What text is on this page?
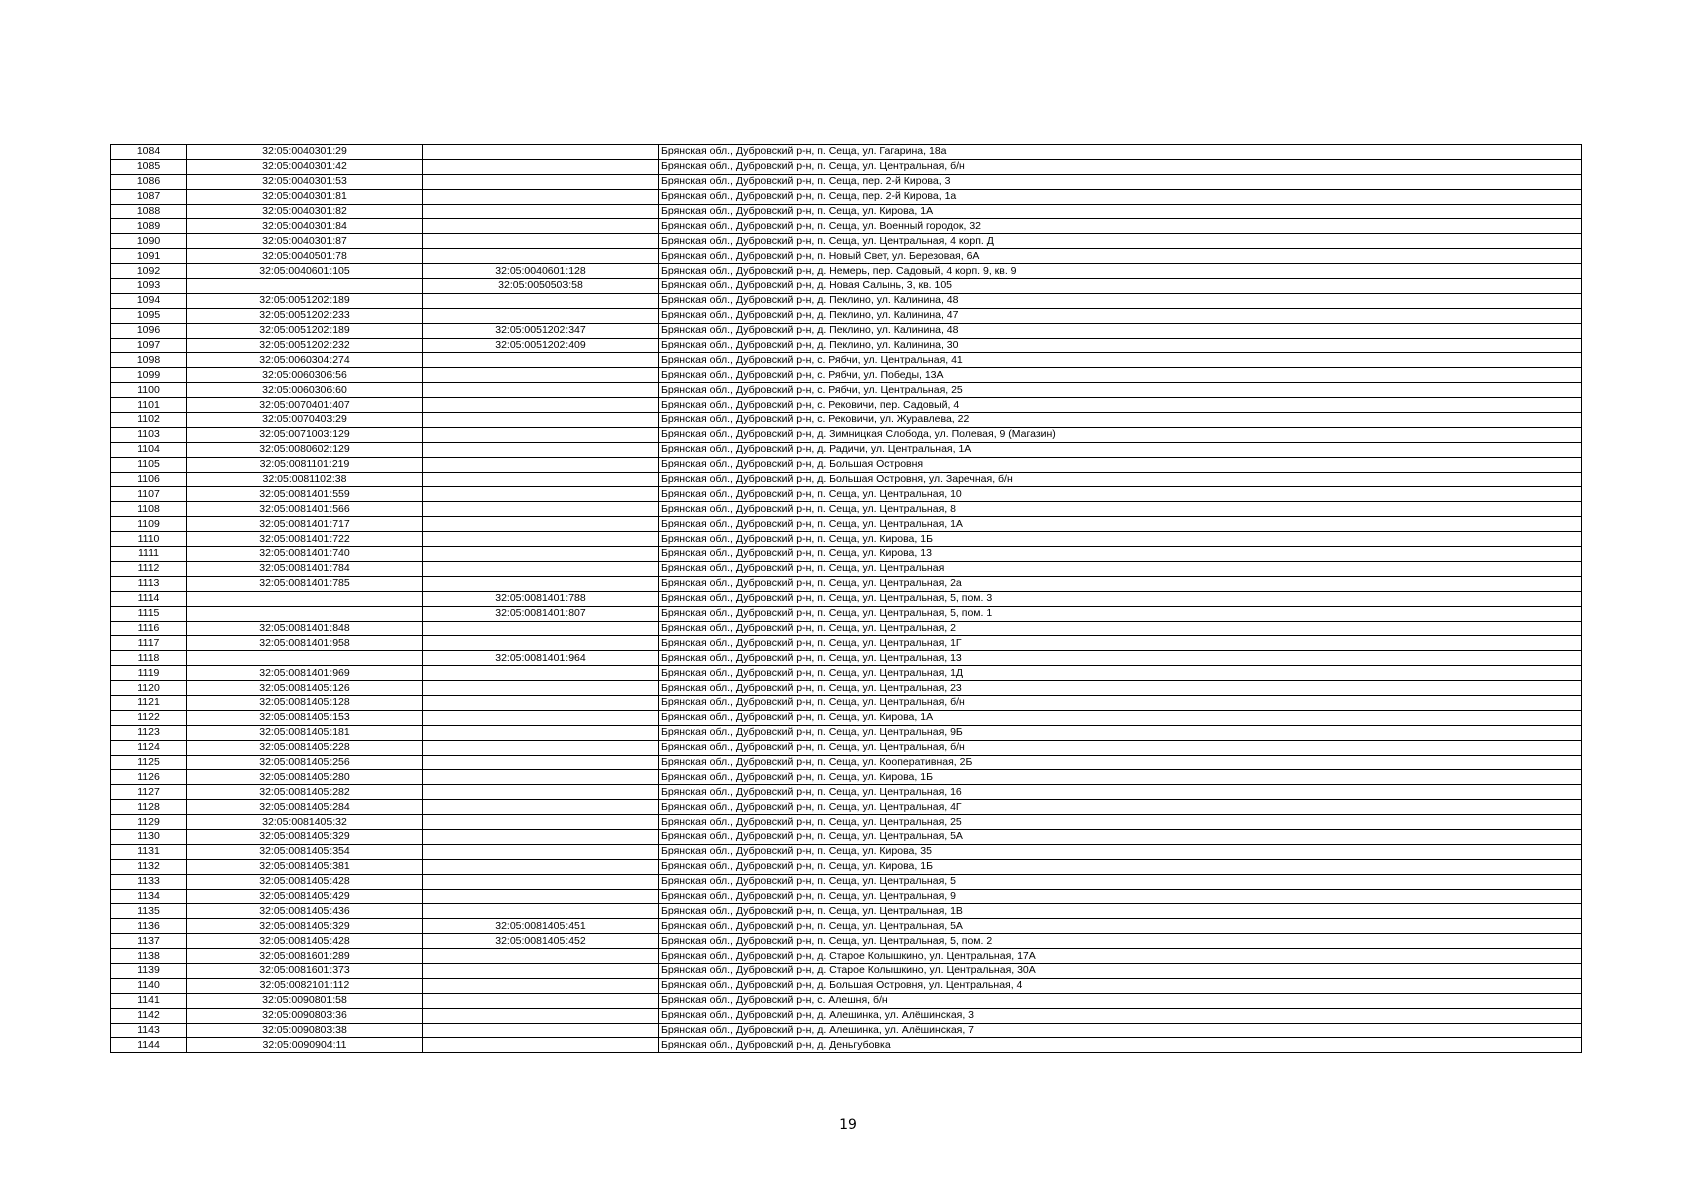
1084	32:05:0040301:29		Брянская обл., Дубровский р-н, п. Сеща, ул. Гагарина, 18а
1085	32:05:0040301:42		Брянская обл., Дубровский р-н, п. Сеща, ул. Центральная, б/н
1086	32:05:0040301:53		Брянская обл., Дубровский р-н, п. Сеща, пер. 2-й Кирова, 3
1087	32:05:0040301:81		Брянская обл., Дубровский р-н, п. Сеща, пер. 2-й Кирова, 1а
1088	32:05:0040301:82		Брянская обл., Дубровский р-н, п. Сеща, ул. Кирова, 1А
1089	32:05:0040301:84		Брянская обл., Дубровский р-н, п. Сеща, ул. Военный городок, 32
1090	32:05:0040301:87		Брянская обл., Дубровский р-н, п. Сеща, ул. Центральная, 4 корп. Д
1091	32:05:0040501:78		Брянская обл., Дубровский р-н, п. Новый Свет, ул. Березовая, 6А
1092	32:05:0040601:105	32:05:0040601:128	Брянская обл., Дубровский р-н, д. Немерь, пер. Садовый, 4 корп. 9, кв. 9
1093		32:05:0050503:58	Брянская обл., Дубровский р-н, д. Новая Салынь, 3, кв. 105
1094	32:05:0051202:189		Брянская обл., Дубровский р-н, д. Пеклино, ул. Калинина, 48
1095	32:05:0051202:233		Брянская обл., Дубровский р-н, д. Пеклино, ул. Калинина, 47
1096	32:05:0051202:189	32:05:0051202:347	Брянская обл., Дубровский р-н, д. Пеклино, ул. Калинина, 48
1097	32:05:0051202:232	32:05:0051202:409	Брянская обл., Дубровский р-н, д. Пеклино, ул. Калинина, 30
1098	32:05:0060304:274		Брянская обл., Дубровский р-н, с. Рябчи, ул. Центральная, 41
1099	32:05:0060306:56		Брянская обл., Дубровский р-н, с. Рябчи, ул. Победы, 13А
1100	32:05:0060306:60		Брянская обл., Дубровский р-н, с. Рябчи, ул. Центральная, 25
1101	32:05:0070401:407		Брянская обл., Дубровский р-н, с. Рековичи, пер. Садовый, 4
1102	32:05:0070403:29		Брянская обл., Дубровский р-н, с. Рековичи, ул. Журавлева, 22
1103	32:05:0071003:129		Брянская обл., Дубровский р-н, д. Зимницкая Слобода, ул. Полевая, 9 (Магазин)
1104	32:05:0080602:129		Брянская обл., Дубровский р-н, д. Радичи, ул. Центральная, 1А
1105	32:05:0081101:219		Брянская обл., Дубровский р-н, д. Большая Островня
1106	32:05:0081102:38		Брянская обл., Дубровский р-н, д. Большая Островня, ул. Заречная, б/н
1107	32:05:0081401:559		Брянская обл., Дубровский р-н, п. Сеща, ул. Центральная, 10
1108	32:05:0081401:566		Брянская обл., Дубровский р-н, п. Сеща, ул. Центральная, 8
1109	32:05:0081401:717		Брянская обл., Дубровский р-н, п. Сеща, ул. Центральная, 1А
1110	32:05:0081401:722		Брянская обл., Дубровский р-н, п. Сеща, ул. Кирова, 1Б
1111	32:05:0081401:740		Брянская обл., Дубровский р-н, п. Сеща, ул. Кирова, 13
1112	32:05:0081401:784		Брянская обл., Дубровский р-н, п. Сеща, ул. Центральная
1113	32:05:0081401:785		Брянская обл., Дубровский р-н, п. Сеща, ул. Центральная, 2а
1114		32:05:0081401:788	Брянская обл., Дубровский р-н, п. Сеща, ул. Центральная, 5, пом. 3
1115		32:05:0081401:807	Брянская обл., Дубровский р-н, п. Сеща, ул. Центральная, 5, пом. 1
1116	32:05:0081401:848		Брянская обл., Дубровский р-н, п. Сеща, ул. Центральная, 2
1117	32:05:0081401:958		Брянская обл., Дубровский р-н, п. Сеща, ул. Центральная, 1Г
1118		32:05:0081401:964	Брянская обл., Дубровский р-н, п. Сеща, ул. Центральная, 13
1119	32:05:0081401:969		Брянская обл., Дубровский р-н, п. Сеща, ул. Центральная, 1Д
1120	32:05:0081405:126		Брянская обл., Дубровский р-н, п. Сеща, ул. Центральная, 23
1121	32:05:0081405:128		Брянская обл., Дубровский р-н, п. Сеща, ул. Центральная, б/н
1122	32:05:0081405:153		Брянская обл., Дубровский р-н, п. Сеща, ул. Кирова, 1А
1123	32:05:0081405:181		Брянская обл., Дубровский р-н, п. Сеща, ул. Центральная, 9Б
1124	32:05:0081405:228		Брянская обл., Дубровский р-н, п. Сеща, ул. Центральная, б/н
1125	32:05:0081405:256		Брянская обл., Дубровский р-н, п. Сеща, ул. Кооперативная, 2Б
1126	32:05:0081405:280		Брянская обл., Дубровский р-н, п. Сеща, ул. Кирова, 1Б
1127	32:05:0081405:282		Брянская обл., Дубровский р-н, п. Сеща, ул. Центральная, 16
1128	32:05:0081405:284		Брянская обл., Дубровский р-н, п. Сеща, ул. Центральная, 4Г
1129	32:05:0081405:32		Брянская обл., Дубровский р-н, п. Сеща, ул. Центральная, 25
1130	32:05:0081405:329		Брянская обл., Дубровский р-н, п. Сеща, ул. Центральная, 5А
1131	32:05:0081405:354		Брянская обл., Дубровский р-н, п. Сеща, ул. Кирова, 35
1132	32:05:0081405:381		Брянская обл., Дубровский р-н, п. Сеща, ул. Кирова, 1Б
1133	32:05:0081405:428		Брянская обл., Дубровский р-н, п. Сеща, ул. Центральная, 5
1134	32:05:0081405:429		Брянская обл., Дубровский р-н, п. Сеща, ул. Центральная, 9
1135	32:05:0081405:436		Брянская обл., Дубровский р-н, п. Сеща, ул. Центральная, 1В
1136	32:05:0081405:329	32:05:0081405:451	Брянская обл., Дубровский р-н, п. Сеща, ул. Центральная, 5А
1137	32:05:0081405:428	32:05:0081405:452	Брянская обл., Дубровский р-н, п. Сеща, ул. Центральная, 5, пом. 2
1138	32:05:0081601:289		Брянская обл., Дубровский р-н, д. Старое Колышкино, ул. Центральная, 17А
1139	32:05:0081601:373		Брянская обл., Дубровский р-н, д. Старое Колышкино, ул. Центральная, 30А
1140	32:05:0082101:112		Брянская обл., Дубровский р-н, д. Большая Островня, ул. Центральная, 4
1141	32:05:0090801:58		Брянская обл., Дубровский р-н, с. Алешня, б/н
1142	32:05:0090803:36		Брянская обл., Дубровский р-н, д. Алешинка, ул. Алёшинская, 3
1143	32:05:0090803:38		Брянская обл., Дубровский р-н, д. Алешинка, ул. Алёшинская, 7
1144	32:05:0090904:11		Брянская обл., Дубровский р-н, д. Деньгубовка
19
